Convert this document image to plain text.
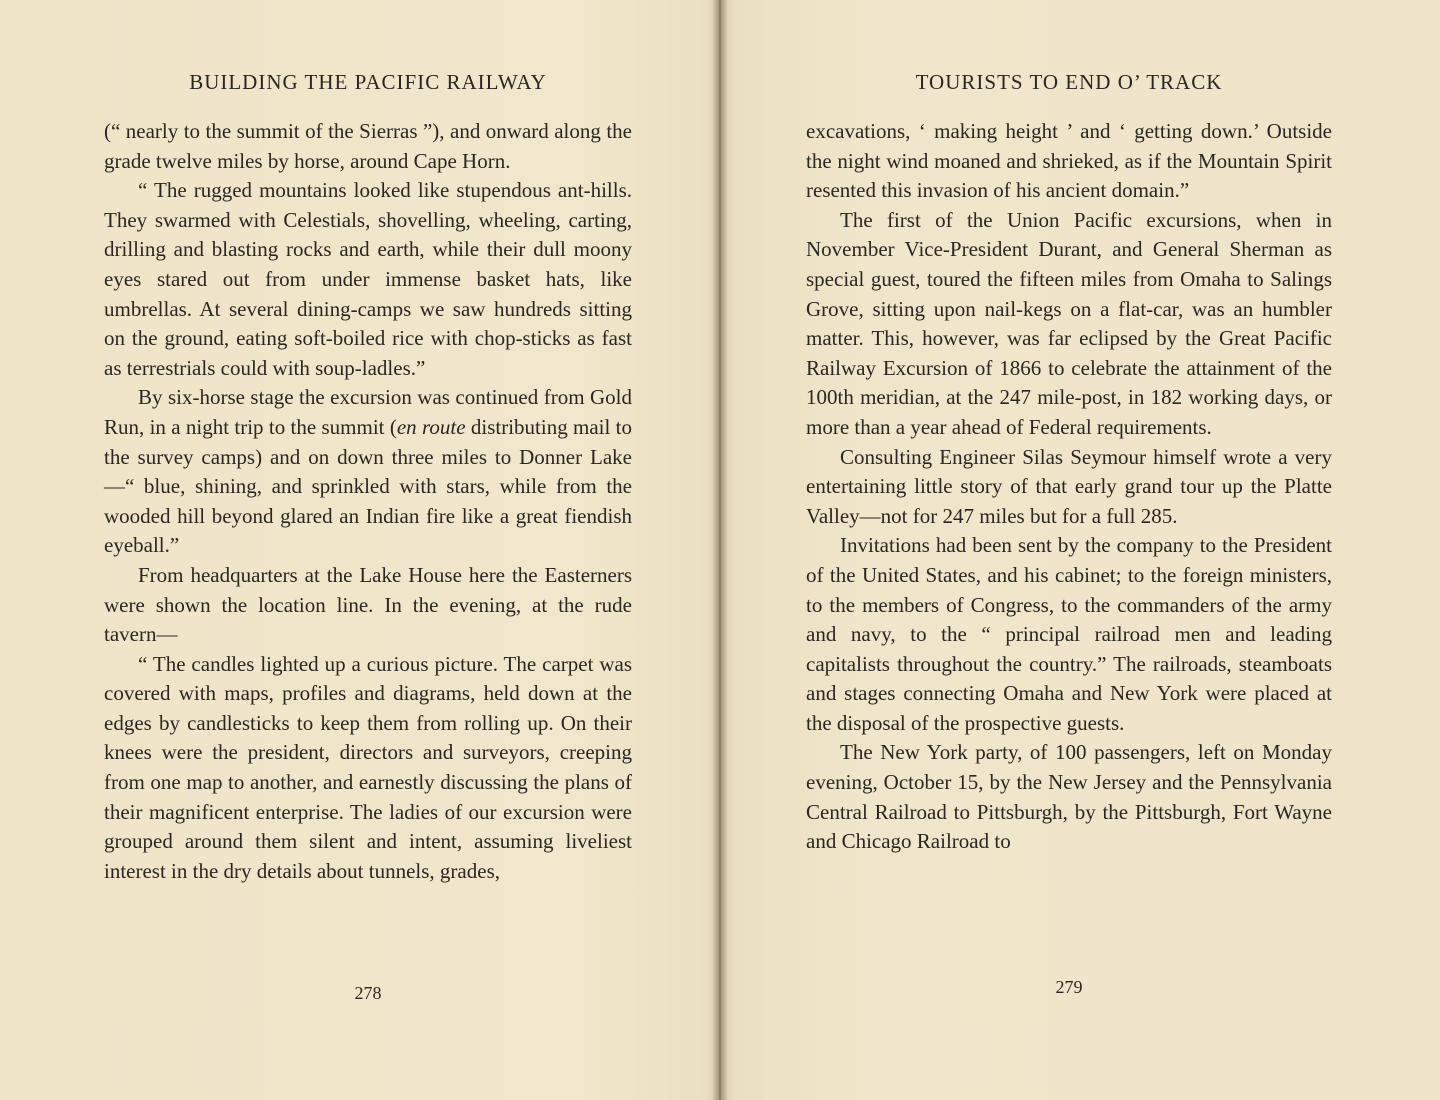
BUILDING THE PACIFIC RAILWAY

(“ nearly to the summit of the Sierras ”), and onward along the grade twelve miles by horse, around Cape Horn.

“ The rugged mountains looked like stupendous ant-hills. They swarmed with Celestials, shovelling, wheeling, carting, drilling and blasting rocks and earth, while their dull moony eyes stared out from under immense basket hats, like umbrellas. At several dining-camps we saw hundreds sitting on the ground, eating soft-boiled rice with chop-sticks as fast as terrestrials could with soup-ladles.”

By six-horse stage the excursion was continued from Gold Run, in a night trip to the summit (en route distributing mail to the survey camps) and on down three miles to Donner Lake—“ blue, shining, and sprinkled with stars, while from the wooded hill beyond glared an Indian fire like a great fiendish eyeball.”

From headquarters at the Lake House here the Easterners were shown the location line. In the evening, at the rude tavern—

“ The candles lighted up a curious picture. The carpet was covered with maps, profiles and diagrams, held down at the edges by candlesticks to keep them from rolling up. On their knees were the president, directors and surveyors, creeping from one map to another, and earnestly discussing the plans of their magnificent enterprise. The ladies of our excursion were grouped around them silent and intent, assuming liveliest interest in the dry details about tunnels, grades,

278
TOURISTS TO END O’ TRACK

excavations, ‘ making height ’ and ‘ getting down.’ Outside the night wind moaned and shrieked, as if the Mountain Spirit resented this invasion of his ancient domain.”

The first of the Union Pacific excursions, when in November Vice-President Durant, and General Sherman as special guest, toured the fifteen miles from Omaha to Salings Grove, sitting upon nail-kegs on a flat-car, was an humbler matter. This, however, was far eclipsed by the Great Pacific Railway Excursion of 1866 to celebrate the attainment of the 100th meridian, at the 247 mile-post, in 182 working days, or more than a year ahead of Federal requirements.

Consulting Engineer Silas Seymour himself wrote a very entertaining little story of that early grand tour up the Platte Valley—not for 247 miles but for a full 285.

Invitations had been sent by the company to the President of the United States, and his cabinet; to the foreign ministers, to the members of Congress, to the commanders of the army and navy, to the “ principal railroad men and leading capitalists throughout the country.” The railroads, steamboats and stages connecting Omaha and New York were placed at the disposal of the prospective guests.

The New York party, of 100 passengers, left on Monday evening, October 15, by the New Jersey and the Pennsylvania Central Railroad to Pittsburgh, by the Pittsburgh, Fort Wayne and Chicago Railroad to

279
